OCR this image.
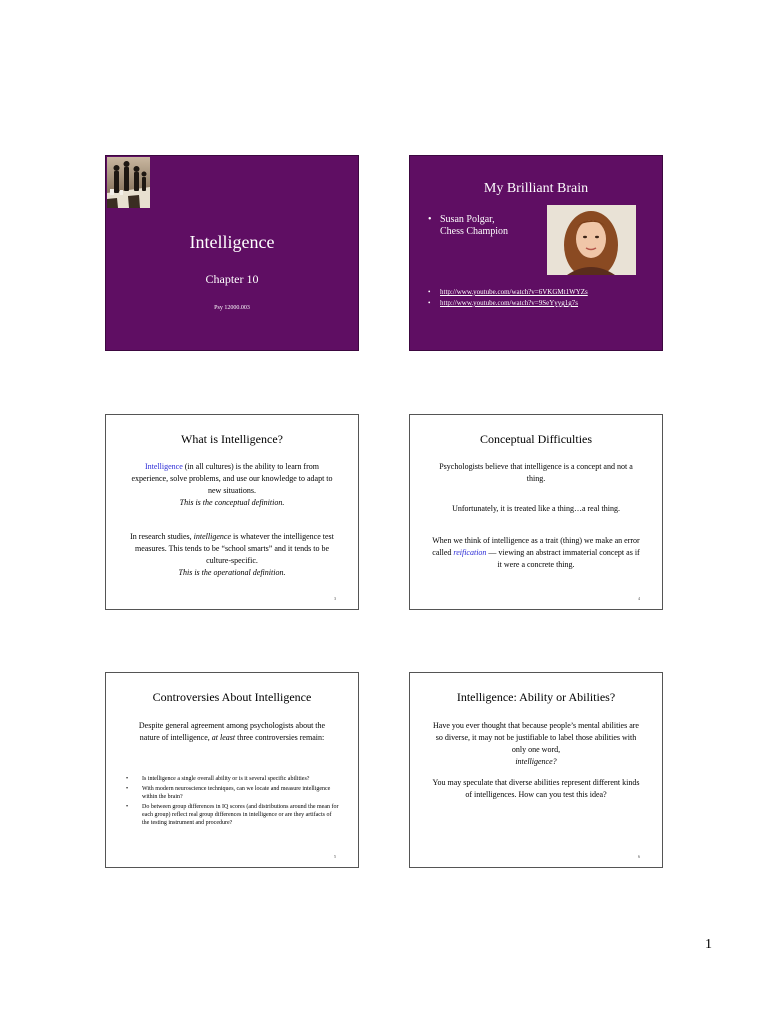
Intelligence
Chapter 10
Psy 12000.003
My Brilliant Brain
• Susan Polgar,
Chess Champion
• http://www.youtube.com/watch?v=6VKGMt1WYZs
• http://www.youtube.com/watch?v=9SeYyyg1g7s
What is Intelligence?
Intelligence (in all cultures) is the ability to learn from experience, solve problems, and use our knowledge to adapt to new situations.
This is the conceptual definition.
In research studies, intelligence is whatever the intelligence test measures. This tends to be “school smarts” and it tends to be culture-specific.
This is the operational definition.
3
Conceptual Difficulties
Psychologists believe that intelligence is a concept and not a thing.
Unfortunately, it is treated like a thing…a real thing.
When we think of intelligence as a trait (thing) we make an error called reification — viewing an abstract immaterial concept as if it were a concrete thing.
4
Controversies About Intelligence
Despite general agreement among psychologists about the nature of intelligence, at least three controversies remain:
• Is intelligence a single overall ability or is it several specific abilities?
• With modern neuroscience techniques, can we locate and measure intelligence within the brain?
• Do between group differences in IQ scores (and distributions around the mean for each group) reflect real group differences in intelligence or are they artifacts of the testing instrument and procedure?
5
Intelligence: Ability or Abilities?
Have you ever thought that because people’s mental abilities are so diverse, it may not be justifiable to label those abilities with only one word,
intelligence?
You may speculate that diverse abilities represent different kinds of intelligences. How can you test this idea?
6
1
